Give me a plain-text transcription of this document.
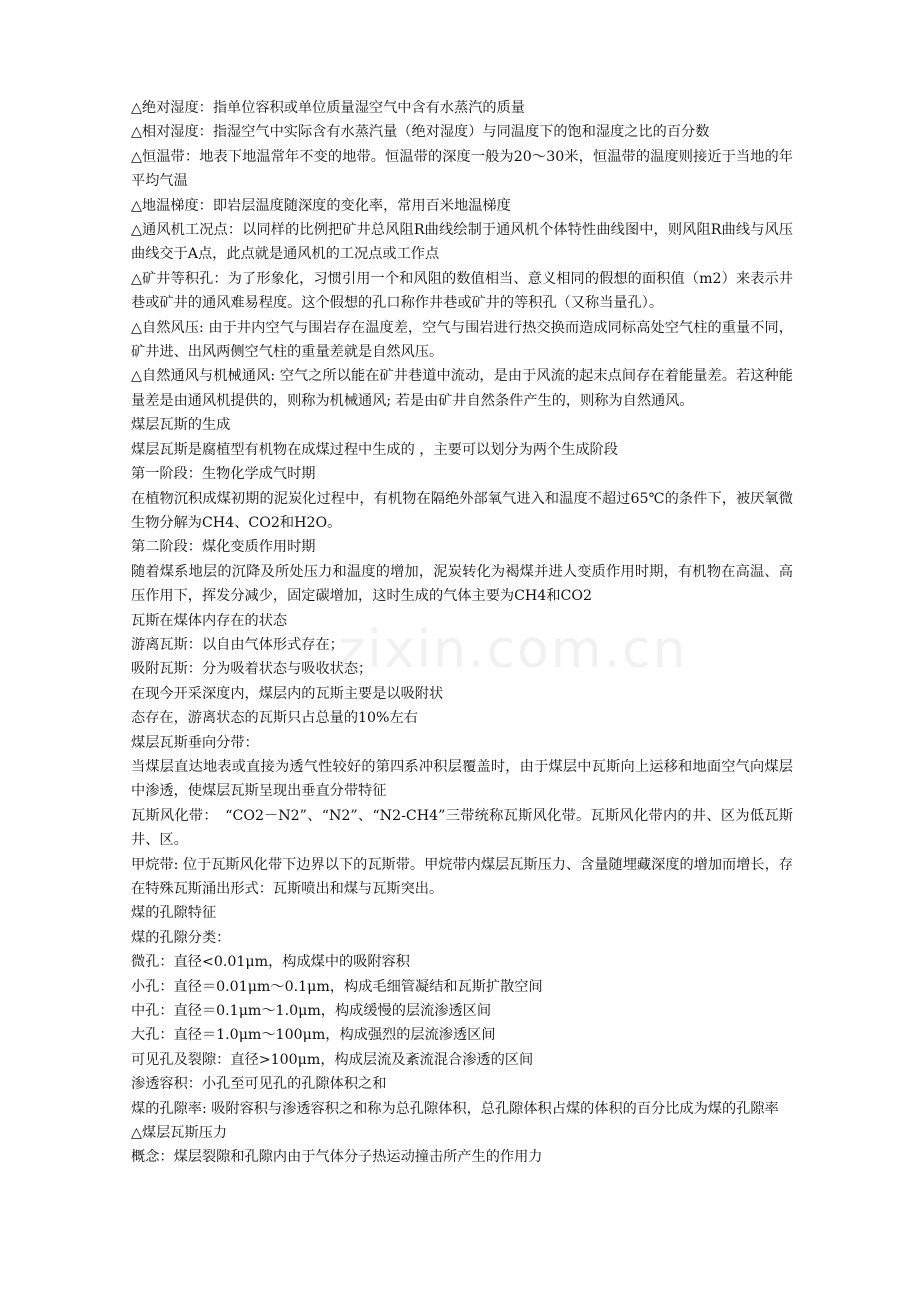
zixin.com.cn

△绝对湿度：指单位容积或单位质量湿空气中含有水蒸汽的质量

△相对湿度：指湿空气中实际含有水蒸汽量（绝对湿度）与同温度下的饱和湿度之比的百分数

△恒温带：地表下地温常年不变的地带。恒温带的深度一般为20～30米，恒温带的温度则接近于当地的年平均气温

△地温梯度：即岩层温度随深度的变化率，常用百米地温梯度

△通风机工况点：以同样的比例把矿井总风阻R曲线绘制于通风机个体特性曲线图中，则风阻R曲线与风压曲线交于A点，此点就是通风机的工况点或工作点

△矿井等积孔：为了形象化，习惯引用一个和风阻的数值相当、意义相同的假想的面积值（m2）来表示井巷或矿井的通风难易程度。这个假想的孔口称作井巷或矿井的等积孔（又称当量孔）。

△自然风压: 由于井内空气与围岩存在温度差，空气与围岩进行热交换而造成同标高处空气柱的重量不同，矿井进、出风两侧空气柱的重量差就是自然风压。

△自然通风与机械通风: 空气之所以能在矿井巷道中流动，是由于风流的起末点间存在着能量差。若这种能量差是由通风机提供的，则称为机械通风; 若是由矿井自然条件产生的，则称为自然通风。

煤层瓦斯的生成

煤层瓦斯是腐植型有机物在成煤过程中生成的 ，主要可以划分为两个生成阶段

第一阶段：生物化学成气时期

在植物沉积成煤初期的泥炭化过程中，有机物在隔绝外部氧气进入和温度不超过65℃的条件下，被厌氧微生物分解为CH4、CO2和H2O。

第二阶段：煤化变质作用时期

随着煤系地层的沉降及所处压力和温度的增加，泥炭转化为褐煤并进人变质作用时期，有机物在高温、高压作用下，挥发分减少，固定碳增加，这时生成的气体主要为CH4和CO2

瓦斯在煤体内存在的状态

游离瓦斯：以自由气体形式存在；

吸附瓦斯：分为吸着状态与吸收状态；

在现今开采深度内，煤层内的瓦斯主要是以吸附状

态存在，游离状态的瓦斯只占总量的10%左右

煤层瓦斯垂向分带：

当煤层直达地表或直接为透气性较好的第四系冲积层覆盖时，由于煤层中瓦斯向上运移和地面空气向煤层中渗透，使煤层瓦斯呈现出垂直分带特征

瓦斯风化带：　“CO2－N2”、“N2”、“N2-CH4”三带统称瓦斯风化带。瓦斯风化带内的井、区为低瓦斯井、区。

甲烷带: 位于瓦斯风化带下边界以下的瓦斯带。甲烷带内煤层瓦斯压力、含量随埋藏深度的增加而增长，存在特殊瓦斯涌出形式：瓦斯喷出和煤与瓦斯突出。

煤的孔隙特征

煤的孔隙分类：

微孔：直径<0.01μm，构成煤中的吸附容积

小孔：直径＝0.01μm～0.1μm，构成毛细管凝结和瓦斯扩散空间

中孔：直径＝0.1μm～1.0μm，构成缓慢的层流渗透区间

大孔：直径＝1.0μm～100μm，构成强烈的层流渗透区间

可见孔及裂隙：直径>100μm，构成层流及紊流混合渗透的区间

渗透容积：小孔至可见孔的孔隙体积之和

煤的孔隙率: 吸附容积与渗透容积之和称为总孔隙体积，总孔隙体积占煤的体积的百分比成为煤的孔隙率

△煤层瓦斯压力

概念：煤层裂隙和孔隙内由于气体分子热运动撞击所产生的作用力
